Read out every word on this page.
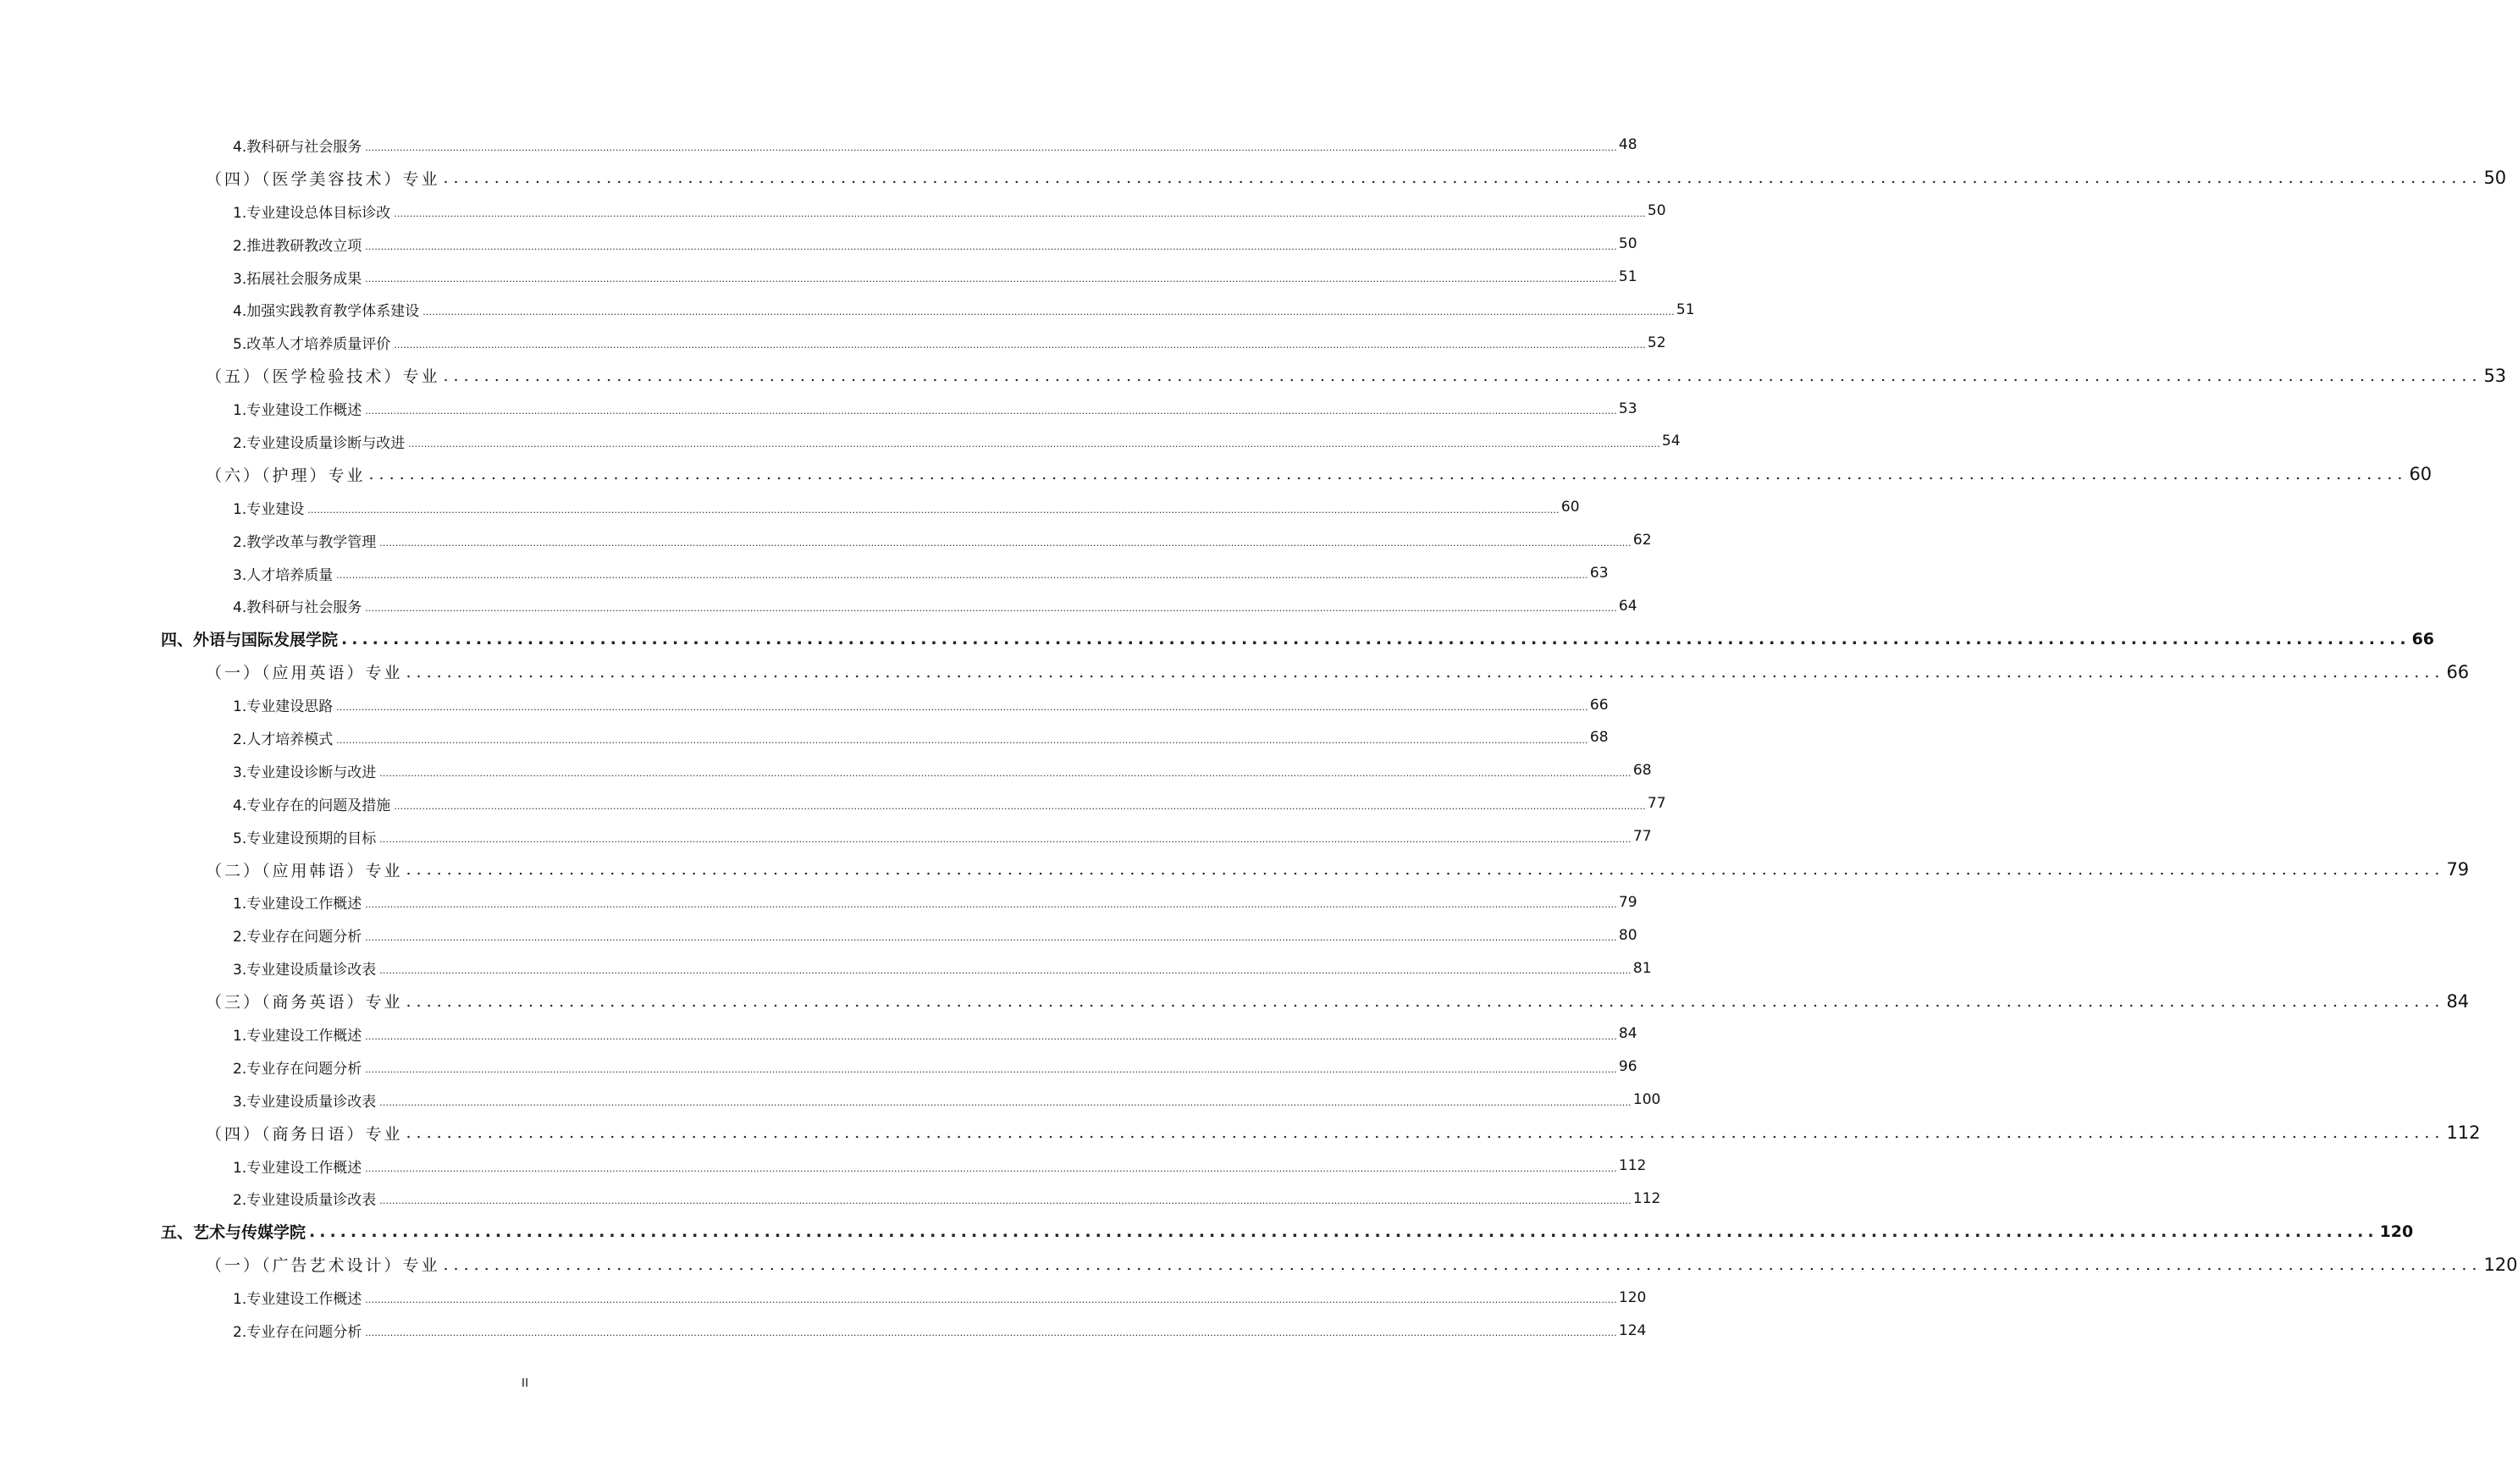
4.教科研与社会服务 ................................................................................................................................................................................................................................................................................................................................................................................................................ 48
（四）（医学美容技术）专业 ........................................................................................................................................................................................................ 50
1.专业建设总体目标诊改 ................................................................................................................................................................................................................................................................................................................................................................................................................ 50
2.推进教研教改立项 ................................................................................................................................................................................................................................................................................................................................................................................................................ 50
3.拓展社会服务成果 ................................................................................................................................................................................................................................................................................................................................................................................................................ 51
4.加强实践教育教学体系建设 ................................................................................................................................................................................................................................................................................................................................................................................................................ 51
5.改革人才培养质量评价 ................................................................................................................................................................................................................................................................................................................................................................................................................ 52
（五）（医学检验技术）专业 ........................................................................................................................................................................................................ 53
1.专业建设工作概述 ................................................................................................................................................................................................................................................................................................................................................................................................................ 53
2.专业建设质量诊断与改进 ................................................................................................................................................................................................................................................................................................................................................................................................................ 54
（六）（护理）专业 ........................................................................................................................................................................................................ 60
1.专业建设 ................................................................................................................................................................................................................................................................................................................................................................................................................ 60
2.教学改革与教学管理 ................................................................................................................................................................................................................................................................................................................................................................................................................ 62
3.人才培养质量 ................................................................................................................................................................................................................................................................................................................................................................................................................ 63
4.教科研与社会服务 ................................................................................................................................................................................................................................................................................................................................................................................................................ 64
四、外语与国际发展学院 ........................................................................................................................................................................................................ 66
（一）（应用英语）专业 ........................................................................................................................................................................................................ 66
1.专业建设思路 ................................................................................................................................................................................................................................................................................................................................................................................................................ 66
2.人才培养模式 ................................................................................................................................................................................................................................................................................................................................................................................................................ 68
3.专业建设诊断与改进 ................................................................................................................................................................................................................................................................................................................................................................................................................ 68
4.专业存在的问题及措施 ................................................................................................................................................................................................................................................................................................................................................................................................................ 77
5.专业建设预期的目标 ................................................................................................................................................................................................................................................................................................................................................................................................................ 77
（二）（应用韩语）专业 ........................................................................................................................................................................................................ 79
1.专业建设工作概述 ................................................................................................................................................................................................................................................................................................................................................................................................................ 79
2.专业存在问题分析 ................................................................................................................................................................................................................................................................................................................................................................................................................ 80
3.专业建设质量诊改表 ................................................................................................................................................................................................................................................................................................................................................................................................................ 81
（三）（商务英语）专业 ........................................................................................................................................................................................................ 84
1.专业建设工作概述 ................................................................................................................................................................................................................................................................................................................................................................................................................ 84
2.专业存在问题分析 ................................................................................................................................................................................................................................................................................................................................................................................................................ 96
3.专业建设质量诊改表 ................................................................................................................................................................................................................................................................................................................................................................................................................ 100
（四）（商务日语）专业 ........................................................................................................................................................................................................ 112
1.专业建设工作概述 ................................................................................................................................................................................................................................................................................................................................................................................................................ 112
2.专业建设质量诊改表 ................................................................................................................................................................................................................................................................................................................................................................................................................ 112
五、艺术与传媒学院 ........................................................................................................................................................................................................ 120
（一）（广告艺术设计）专业 ........................................................................................................................................................................................................ 120
1.专业建设工作概述 ................................................................................................................................................................................................................................................................................................................................................................................................................ 120
2.专业存在问题分析 ................................................................................................................................................................................................................................................................................................................................................................................................................ 124
II
